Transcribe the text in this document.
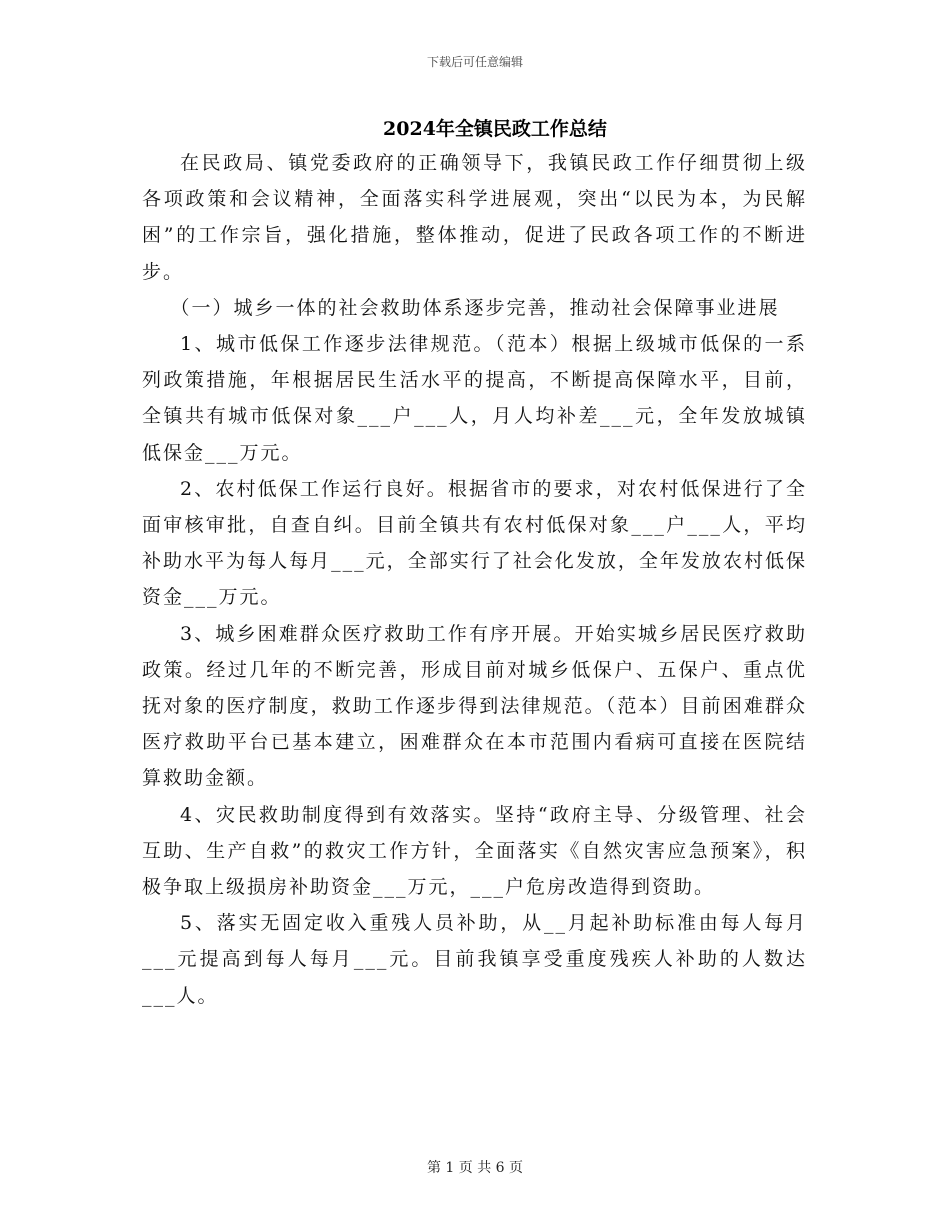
下载后可任意编辑
2024年全镇民政工作总结

在民政局、镇党委政府的正确领导下，我镇民政工作仔细贯彻上级各项政策和会议精神，全面落实科学进展观，突出“以民为本，为民解困”的工作宗旨，强化措施，整体推动，促进了民政各项工作的不断进步。

（一）城乡一体的社会救助体系逐步完善，推动社会保障事业进展

1、城市低保工作逐步法律规范。（范本）根据上级城市低保的一系列政策措施，年根据居民生活水平的提高，不断提高保障水平，目前，全镇共有城市低保对象___户___人，月人均补差___元，全年发放城镇低保金___万元。

2、农村低保工作运行良好。根据省市的要求，对农村低保进行了全面审核审批，自查自纠。目前全镇共有农村低保对象___户___人，平均补助水平为每人每月___元，全部实行了社会化发放，全年发放农村低保资金___万元。

3、城乡困难群众医疗救助工作有序开展。开始实城乡居民医疗救助政策。经过几年的不断完善，形成目前对城乡低保户、五保户、重点优抚对象的医疗制度，救助工作逐步得到法律规范。（范本）目前困难群众医疗救助平台已基本建立，困难群众在本市范围内看病可直接在医院结算救助金额。

4、灾民救助制度得到有效落实。坚持“政府主导、分级管理、社会互助、生产自救”的救灾工作方针，全面落实《自然灾害应急预案》，积极争取上级损房补助资金___万元，___户危房改造得到资助。

5、落实无固定收入重残人员补助，从__月起补助标准由每人每月___元提高到每人每月___元。目前我镇享受重度残疾人补助的人数达___人。

第 1 页 共 6 页
